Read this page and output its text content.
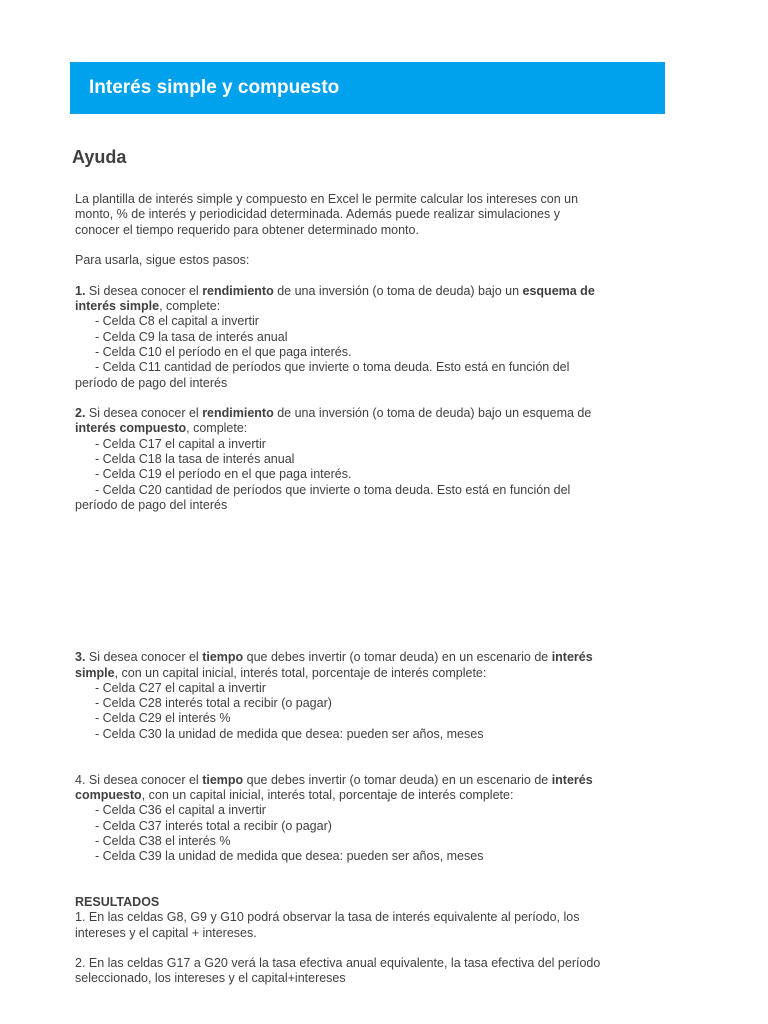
Interés simple y compuesto
Ayuda
La plantilla de interés simple y compuesto en Excel le permite calcular los intereses con un
monto, % de interés y periodicidad determinada. Además puede realizar simulaciones y
conocer el tiempo requerido para obtener determinado monto.
Para usarla, sigue estos pasos:
1. Si desea conocer el rendimiento de una inversión (o toma de deuda) bajo un esquema de
interés simple, complete:
- Celda C8 el capital a invertir
- Celda C9 la tasa de interés anual
- Celda C10 el período en el que paga interés.
- Celda C11 cantidad de períodos que invierte o toma deuda. Esto está en función del
período de pago del interés
2. Si desea conocer el rendimiento de una inversión (o toma de deuda) bajo un esquema de
interés compuesto, complete:
- Celda C17 el capital a invertir
- Celda C18 la tasa de interés anual
- Celda C19 el período en el que paga interés.
- Celda C20 cantidad de períodos que invierte o toma deuda. Esto está en función del
período de pago del interés
3. Si desea conocer el tiempo que debes invertir (o tomar deuda) en un escenario de interés
simple, con un capital inicial, interés total, porcentaje de interés complete:
- Celda C27 el capital a invertir
- Celda C28 interés total a recibir (o pagar)
- Celda C29 el interés %
- Celda C30 la unidad de medida que desea: pueden ser años, meses
4. Si desea conocer el tiempo que debes invertir (o tomar deuda) en un escenario de interés
compuesto, con un capital inicial, interés total, porcentaje de interés complete:
- Celda C36 el capital a invertir
- Celda C37 interés total a recibir (o pagar)
- Celda C38 el interés %
- Celda C39 la unidad de medida que desea: pueden ser años, meses
RESULTADOS
1. En las celdas G8, G9 y G10 podrá observar la tasa de interés equivalente al período, los
intereses y el capital + intereses.
2. En las celdas G17 a G20 verá la tasa efectiva anual equivalente, la tasa efectiva del período
seleccionado, los intereses y el capital+intereses
